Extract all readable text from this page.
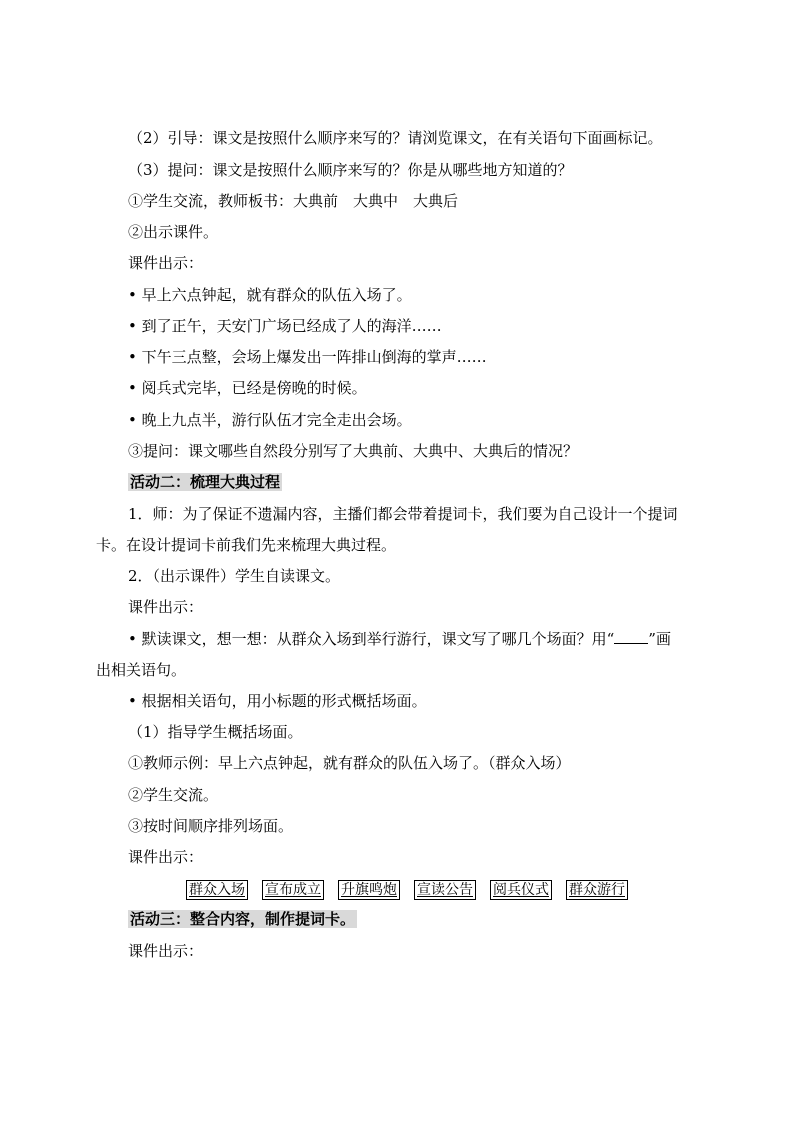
（2）引导：课文是按照什么顺序来写的？请浏览课文，在有关语句下面画标记。
（3）提问：课文是按照什么顺序来写的？你是从哪些地方知道的？
①学生交流，教师板书：大典前　大典中　大典后
②出示课件。
课件出示：
• 早上六点钟起，就有群众的队伍入场了。
• 到了正午，天安门广场已经成了人的海洋……
• 下午三点整，会场上爆发出一阵排山倒海的掌声……
• 阅兵式完毕，已经是傍晚的时候。
• 晚上九点半，游行队伍才完全走出会场。
③提问：课文哪些自然段分别写了大典前、大典中、大典后的情况？
活动二：梳理大典过程
1．师：为了保证不遗漏内容，主播们都会带着提词卡，我们要为自己设计一个提词
卡。在设计提词卡前我们先来梳理大典过程。
2．（出示课件）学生自读课文。
课件出示：
• 默读课文，想一想：从群众入场到举行游行，课文写了哪几个场面？用“ ”画
出相关语句。
• 根据相关语句，用小标题的形式概括场面。
（1）指导学生概括场面。
①教师示例：早上六点钟起，就有群众的队伍入场了。（群众入场）
②学生交流。
③按时间顺序排列场面。
课件出示：
群众入场 宣布成立 升旗鸣炮 宣读公告 阅兵仪式 群众游行
活动三：整合内容，制作提词卡。
课件出示：
